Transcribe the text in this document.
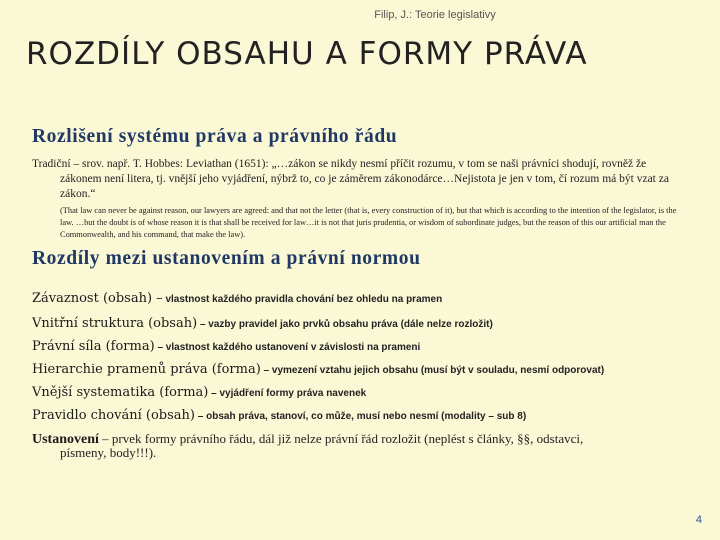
Filip, J.: Teorie legislativy
ROZDÍLY OBSAHU A FORMY PRÁVA
Rozlišení systému práva a právního řádu
Tradiční – srov. např. T. Hobbes: Leviathan (1651): „…zákon se nikdy nesmí příčit rozumu, v tom se naši právníci shodují, rovněž že
zákonem není litera, tj. vnější jeho vyjádření, nýbrž to, co je záměrem zákonodárce…Nejistota je jen v tom, čí rozum má být vzat za
zákon.“
(That law can never be against reason, our lawyers are agreed: and that not the letter (that is, every construction of it), but that which is according to the intention of the legislator, is the law. …but the doubt is of whose reason it is that shall be received for law…it is not that juris prudentia, or wisdom of subordinate judges, but the reason of this our artificial man the Commonwealth, and his command, that make the law).
Rozdíly mezi ustanovením a právní normou
Závaznost (obsah) – vlastnost každého pravidla chování bez ohledu na pramen
Vnitřní struktura (obsah) – vazby pravidel jako prvků obsahu práva (dále nelze rozložit)
Právní síla (forma) – vlastnost každého ustanovení v závislosti na prameni
Hierarchie pramenů práva (forma) – vymezení vztahu jejich obsahu (musí být v souladu, nesmí odporovat)
Vnější systematika (forma) – vyjádření formy práva navenek
Pravidlo chování (obsah) – obsah práva, stanoví, co může, musí nebo nesmí (modality – sub 8)
Ustanovení – prvek formy právního řádu, dál již nelze právní řád rozložit (neplést s články, §§, odstavci,
písmeny, body!!!).
4
